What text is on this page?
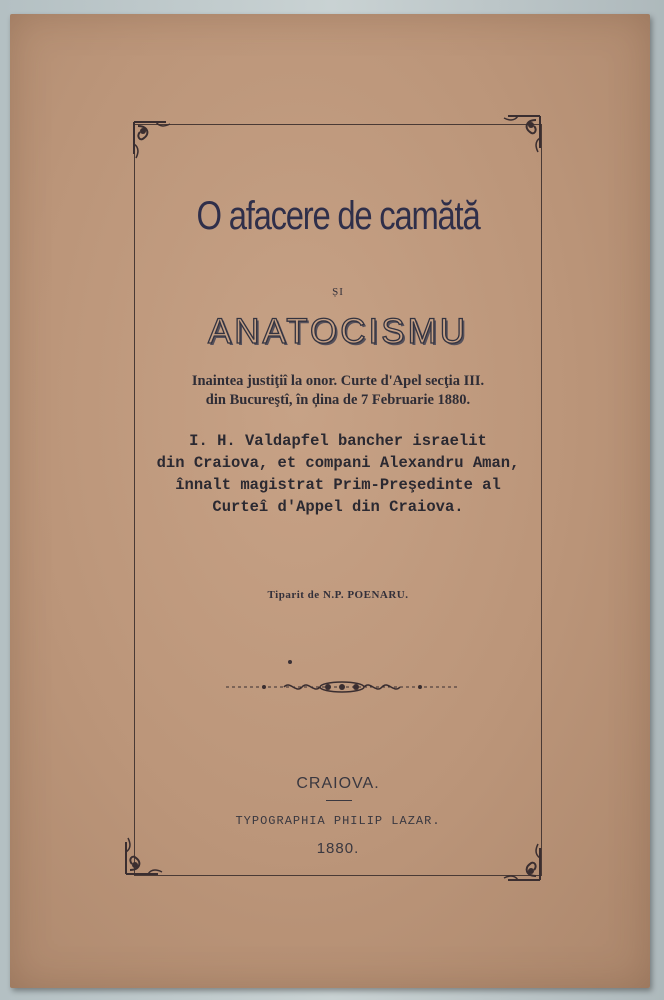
O afacere de camătă
ȘI
ANATOCISMU
Inaintea justiţiî la onor. Curte d'Apel secţia III.
din Bucureştî, în ḑina de 7 Februarie 1880.
I. H. Valdapfel bancher israelit
din Craiova, et compani Alexandru Aman,
înnalt magistrat Prim-Preşedinte al
Curteî d'Appel din Craiova.
Tiparit de N.P. POENARU.
CRAIOVA.
TYPOGRAPHIA PHILIP LAZAR.
1880.
